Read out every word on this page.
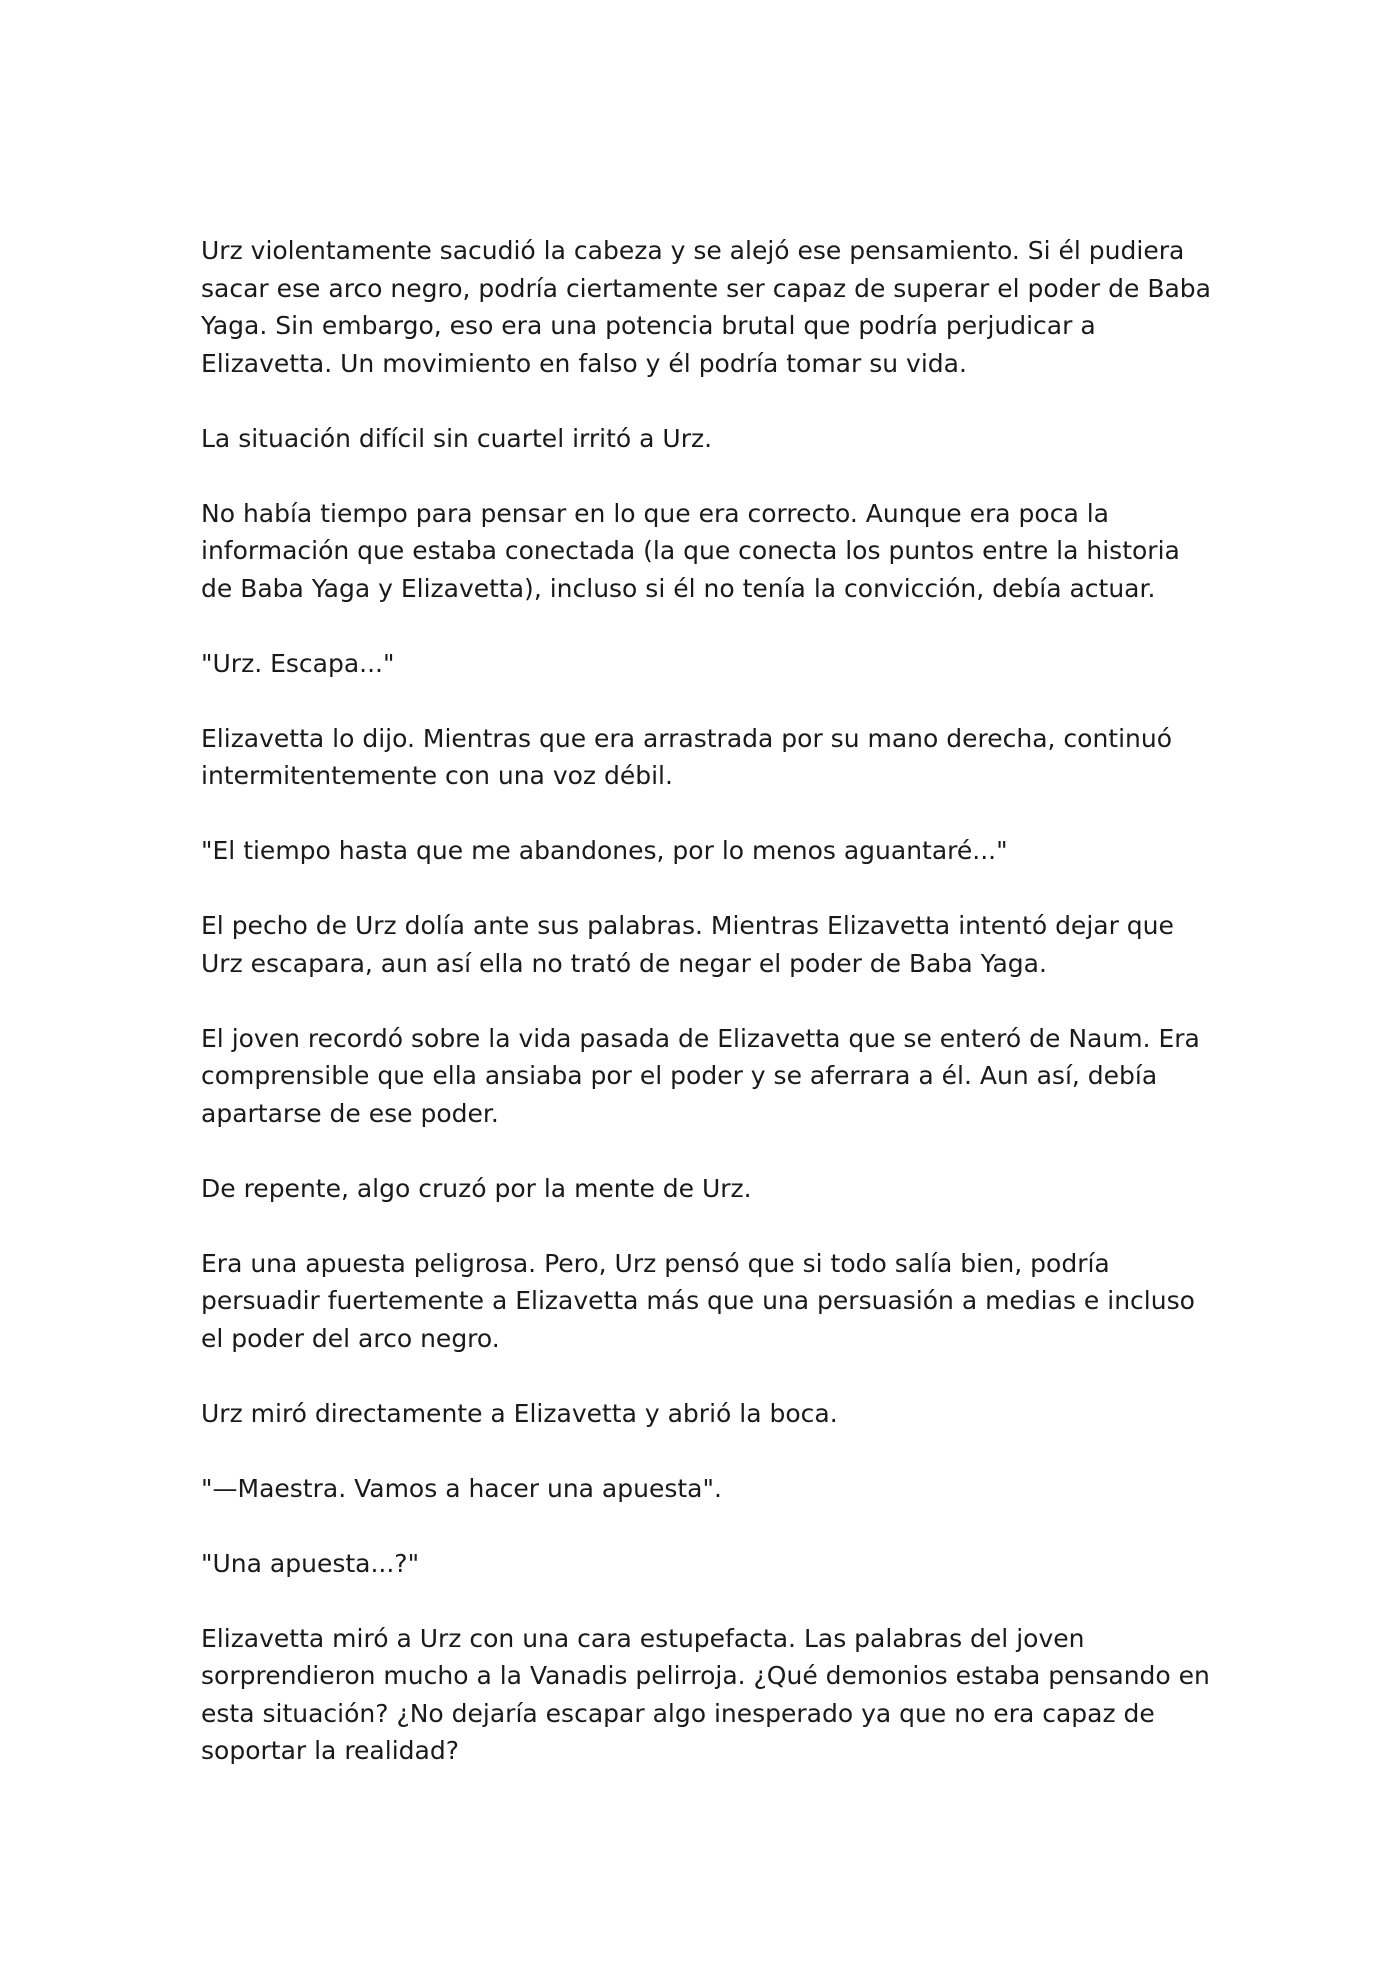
Urz violentamente sacudió la cabeza y se alejó ese pensamiento. Si él pudiera sacar ese arco negro, podría ciertamente ser capaz de superar el poder de Baba Yaga. Sin embargo, eso era una potencia brutal que podría perjudicar a Elizavetta. Un movimiento en falso y él podría tomar su vida.

La situación difícil sin cuartel irritó a Urz.

No había tiempo para pensar en lo que era correcto. Aunque era poca la información que estaba conectada (la que conecta los puntos entre la historia de Baba Yaga y Elizavetta), incluso si él no tenía la convicción, debía actuar.

"Urz. Escapa..."

Elizavetta lo dijo. Mientras que era arrastrada por su mano derecha, continuó intermitentemente con una voz débil.

"El tiempo hasta que me abandones, por lo menos aguantaré..."

El pecho de Urz dolía ante sus palabras. Mientras Elizavetta intentó dejar que Urz escapara, aun así ella no trató de negar el poder de Baba Yaga.

El joven recordó sobre la vida pasada de Elizavetta que se enteró de Naum. Era comprensible que ella ansiaba por el poder y se aferrara a él. Aun así, debía apartarse de ese poder.

De repente, algo cruzó por la mente de Urz.

Era una apuesta peligrosa. Pero, Urz pensó que si todo salía bien, podría persuadir fuertemente a Elizavetta más que una persuasión a medias e incluso el poder del arco negro.

Urz miró directamente a Elizavetta y abrió la boca.

"—Maestra. Vamos a hacer una apuesta".

"Una apuesta...?"

Elizavetta miró a Urz con una cara estupefacta. Las palabras del joven sorprendieron mucho a la Vanadis pelirroja. ¿Qué demonios estaba pensando en esta situación? ¿No dejaría escapar algo inesperado ya que no era capaz de soportar la realidad?
